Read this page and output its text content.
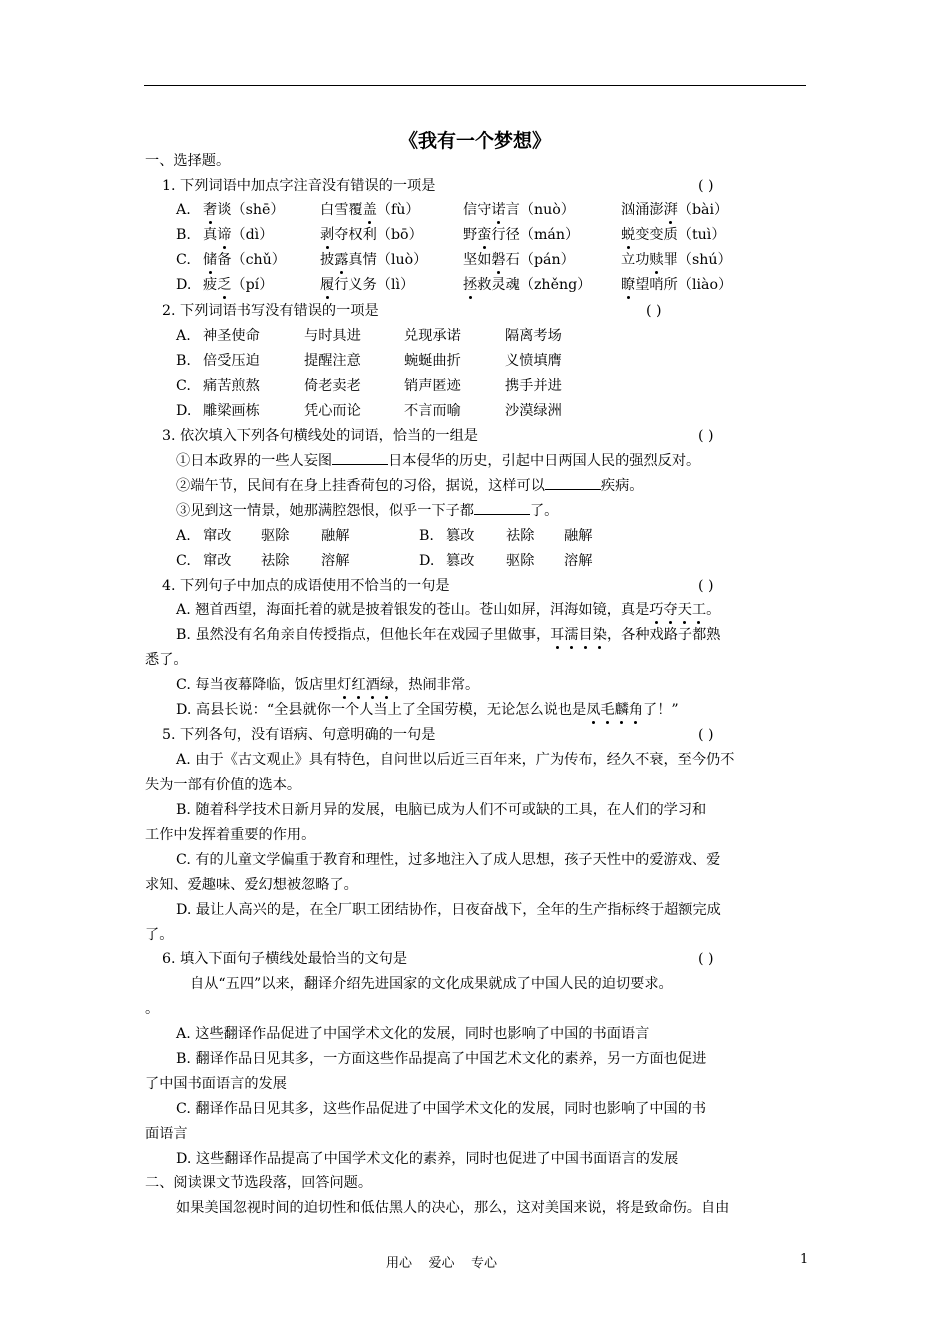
《我有一个梦想》
一、选择题。
1. 下列词语中加点字注音没有错误的一项是	( )
A. 奢谈（shē） 白雪覆盖（fù）	信守诺言（nuò）	汹涌澎湃（bài）
B. 真谛（dì）	剥夺权利（bō）	野蛮行径（mán）	蜕变变质（tuì）
C. 储备（chǔ） 披露真情（luò）	坚如磐石（pán）	立功赎罪（shú）
D. 疲乏（pí）	履行义务（lì）	拯救灵魂（zhěng） 瞭望哨所（liào）
2. 下列词语书写没有错误的一项是	( )
A. 神圣使命	与时具进	兑现承诺	隔离考场
B. 倍受压迫	提醒注意	蜿蜒曲折	义愤填膺
C. 痛苦煎熬	倚老卖老	销声匿迹	携手并进
D. 雕梁画栋	凭心而论	不言而喻	沙漠绿洲
3. 依次填入下列各句横线处的词语，恰当的一组是	( )
①日本政界的一些人妄图	日本侵华的历史，引起中日两国人民的强烈反对。
②端午节，民间有在身上挂香荷包的习俗，据说，这样可以	疾病。
③见到这一情景，她那满腔怨恨，似乎一下子都	了。
A. 窜改 驱除 融解	B. 篡改 祛除 融解
C. 窜改 祛除 溶解	D. 篡改 驱除 溶解
4. 下列句子中加点的成语使用不恰当的一句是	( )
A. 翘首西望，海面托着的就是披着银发的苍山。苍山如屏，洱海如镜，真是巧夺天工。
B. 虽然没有名角亲自传授指点，但他长年在戏园子里做事，耳濡目染，各种戏路子都熟
悉了。
C. 每当夜幕降临，饭店里灯红酒绿，热闹非常。
D. 高县长说：“全县就你一个人当上了全国劳模，无论怎么说也是凤毛麟角了！”
5. 下列各句，没有语病、句意明确的一句是	( )
A. 由于《古文观止》具有特色，自问世以后近三百年来，广为传布，经久不衰，至今仍不
失为一部有价值的选本。
B. 随着科学技术日新月异的发展，电脑已成为人们不可或缺的工具，在人们的学习和
工作中发挥着重要的作用。
C. 有的儿童文学偏重于教育和理性，过多地注入了成人思想，孩子天性中的爱游戏、爱
求知、爱趣味、爱幻想被忽略了。
D. 最让人高兴的是，在全厂职工团结协作，日夜奋战下，全年的生产指标终于超额完成
了。
6. 填入下面句子横线处最恰当的文句是	( )
自从“五四”以来，翻译介绍先进国家的文化成果就成了中国人民的迫切要求。
。
A. 这些翻译作品促进了中国学术文化的发展，同时也影响了中国的书面语言
B. 翻译作品日见其多，一方面这些作品提高了中国艺术文化的素养，另一方面也促进
了中国书面语言的发展
C. 翻译作品日见其多，这些作品促进了中国学术文化的发展，同时也影响了中国的书
面语言
D. 这些翻译作品提高了中国学术文化的素养，同时也促进了中国书面语言的发展
二、阅读课文节选段落，回答问题。
如果美国忽视时间的迫切性和低估黑人的决心，那么，这对美国来说，将是致命伤。自由
用心    爱心    专心	1
